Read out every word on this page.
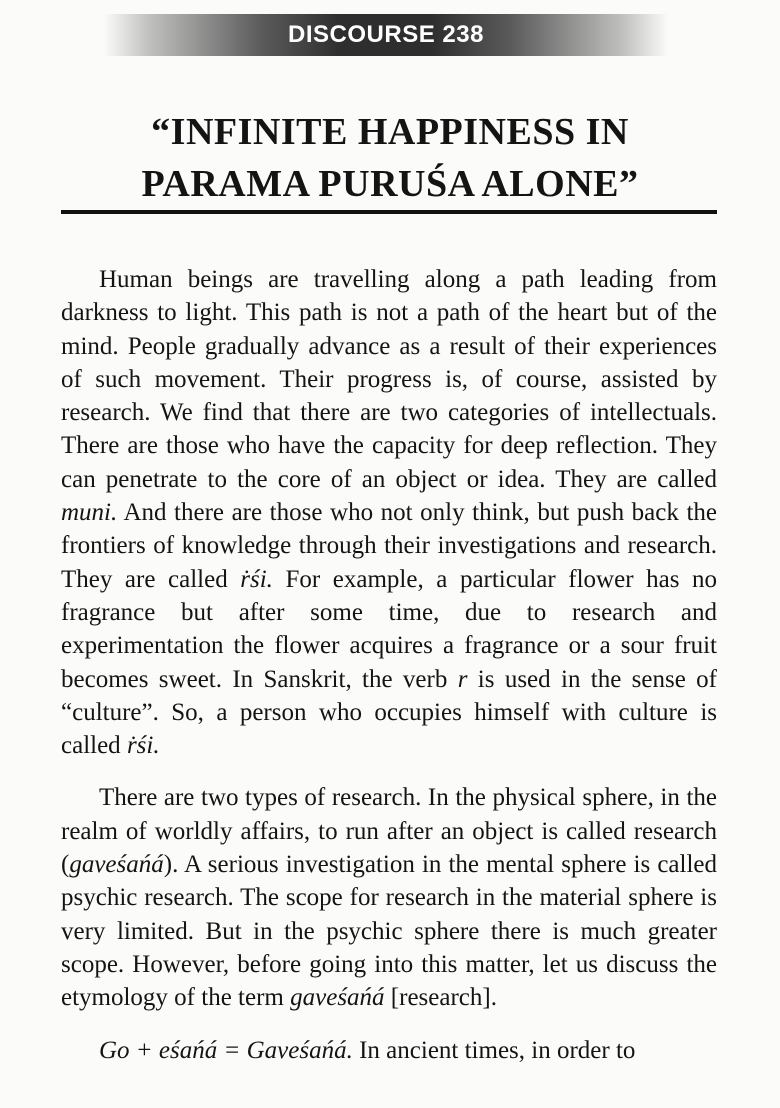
DISCOURSE 238
“INFINITE HAPPINESS IN
PARAMA PURUŚA ALONE”

Human beings are travelling along a path leading from darkness to light. This path is not a path of the heart but of the mind. People gradually advance as a result of their experiences of such movement. Their progress is, of course, assisted by research. We find that there are two categories of intellectuals. There are those who have the capacity for deep reflection. They can penetrate to the core of an object or idea. They are called muni. And there are those who not only think, but push back the frontiers of knowledge through their investigations and research. They are called ṙśi. For example, a particular flower has no fragrance but after some time, due to research and experimentation the flower acquires a fragrance or a sour fruit becomes sweet. In Sanskrit, the verb r is used in the sense of “culture”. So, a person who occupies himself with culture is called ṙśi.

There are two types of research. In the physical sphere, in the realm of worldly affairs, to run after an object is called research (gaveśańá). A serious investigation in the mental sphere is called psychic research. The scope for research in the material sphere is very limited. But in the psychic sphere there is much greater scope. However, before going into this matter, let us discuss the etymology of the term gaveśańá [research].

Go + eśańá = Gaveśańá. In ancient times, in order to
